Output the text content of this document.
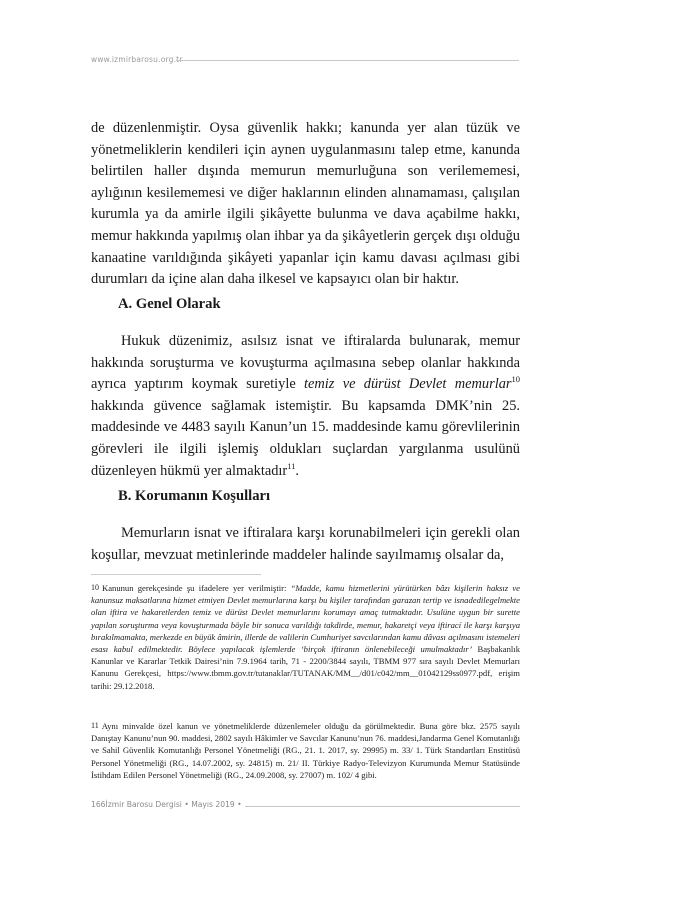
www.izmirbarosu.org.tr

de düzenlenmiştir. Oysa güvenlik hakkı; kanunda yer alan tüzük ve yönetmeliklerin kendileri için aynen uygulanmasını talep etme, kanunda belirtilen haller dışında memurun memurluğuna son verilememesi, aylığının kesilememesi ve diğer haklarının elinden alınamaması, çalışılan kurumla ya da amirle ilgili şikâyette bulunma ve dava açabilme hakkı, memur hakkında yapılmış olan ihbar ya da şikâyetlerin gerçek dışı olduğu kanaatine varıldığında şikâyeti yapanlar için kamu davası açılması gibi durumları da içine alan daha ilkesel ve kapsayıcı olan bir haktır.

A. Genel Olarak

Hukuk düzenimiz, asılsız isnat ve iftiralarda bulunarak, memur hakkında soruşturma ve kovuşturma açılmasına sebep olanlar hakkında ayrıca yaptırım koymak suretiyle temiz ve dürüst Devlet memurlar$^{10}$ hakkında güvence sağlamak istemiştir. Bu kapsamda DMK’nin 25. maddesinde ve 4483 sayılı Kanun’un 15. maddesinde kamu görevlilerinin görevleri ile ilgili işlemiş oldukları suçlardan yargılanma usulünü düzenleyen hükmü yer almaktadır$^{11}$.

B. Korumanın Koşulları

Memurların isnat ve iftiralara karşı korunabilmeleri için gerekli olan koşullar, mevzuat metinlerinde maddeler halinde sayılmamış olsalar da,

10 Kanunun gerekçesinde şu ifadelere yer verilmiştir: “Madde, kamu hizmetlerini yürütürken bâzı kişilerin haksız ve kanunsuz maksatlarına hizmet etmiyen Devlet memurlarına karşı bu kişiler tarafından garazan tertip ve isnadedilegelmekte olan iftira ve hakaretlerden temiz ve dürüst Devlet memurlarını korumayı amaç tutmaktadır. Usulüne uygun bir surette yapılan soruşturma veya kovuşturmada böyle bir sonuca varıldığı takdirde, memur, hakaretçi veya iftirací ile karşı karşıya bırakılmamakta, merkezde en büyük âmirin, illerde de valilerin Cumhuriyet savcılarından kamu dâvası açılmasını istemeleri esası kabul edilmektedir. Böylece yapılacak işlemlerde ‘birçok iftiranın önlenebileceği umulmaktadır’ Başbakanlık Kanunlar ve Kararlar Tetkik Dairesi’nin 7.9.1964 tarih, 71 - 2200/3844 sayılı, TBMM 977 sıra sayılı Devlet Memurları Kanunu Gerekçesi, https://www.tbmm.gov.tr/tutanaklar/TUTANAK/MM__/d01/c042/mm__01042129ss0977.pdf, erişim tarihi: 29.12.2018.

11 Aynı minvalde özel kanun ve yönetmeliklerde düzenlemeler olduğu da görülmektedir. Buna göre bkz. 2575 sayılı Danıştay Kanunu’nun 90. maddesi, 2802 sayılı Hâkimler ve Savcılar Kanunu’nun 76. maddesi,Jandarma Genel Komutanlığı ve Sahil Güvenlik Komutanlığı Personel Yönetmeliği (RG., 21. 1. 2017, sy. 29995) m. 33/ 1. Türk Standartları Enstitüsü Personel Yönetmeliği (RG., 14.07.2002, sy. 24815) m. 21/ II. Türkiye Radyo-Televizyon Kurumunda Memur Statüsünde İstihdam Edilen Personel Yönetmeliği (RG., 24.09.2008, sy. 27007) m. 102/ 4 gibi.

166İzmir Barosu Dergisi • Mayıs 2019 •
